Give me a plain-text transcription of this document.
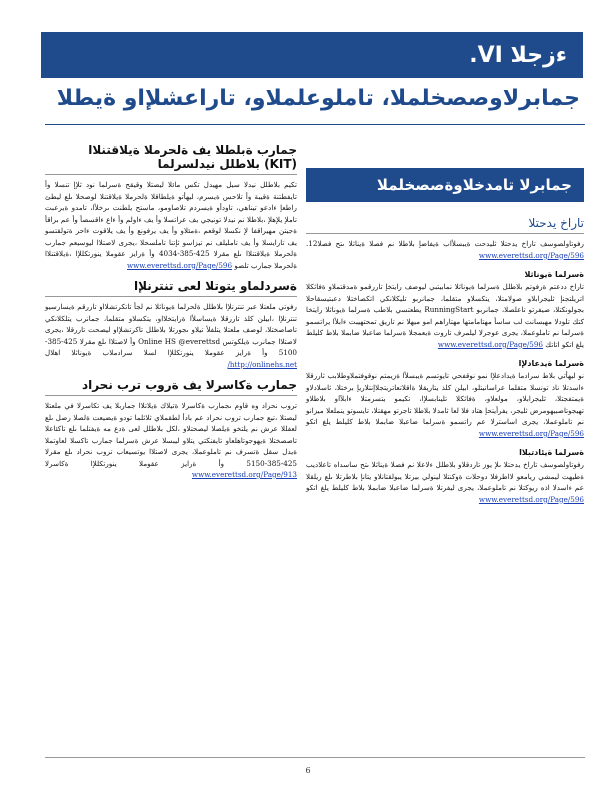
ءزجلا VI.
جمابرلاوصصخلملا، تاملوعلملاو، تاراعشلإاو ةيطلا
جمابرلا تامدخلاوةصصخلملا
تاراخ يدحتلا

رفوتاولصوسف تاراخ يدحتلا ثليدحت ةيبسلأاب ةيفاضإ بلاطلا نم فصلا ةيناثلا ىتح فصلا12. www.everettsd.org/Page/596

ةسرلما ةيوناثلا

تاراخ ددعتم ةرفوتم بلاطلل ةسرلما ةيوناثلا نمابيتبي ليوصف رايتخإ تاررقمو ةمدقتملاو ةفاثكلا اتريلتجنإ ثليجرابلاو صولامتلا، يتكسلاو متقلما، جمانربو تليكلانكي اتكصاختلا دعبتيسقاحلا بجولونكتلا، صيفرتو تاعلصلا، جمانربو RunningStart يطعتسي بلاطب ةسرلما ةيوناثلا رايتخا كتك تلودلا مهبسانت لب ساسأ مهتامامتها مهتاراهم امو ميهلا نم تاريق تمحتهيبت ءابلأا يراتسمو ةسرلما نم تاملوعملا، يجرى عوجرلا ليلمرف تاروت ةيعمجلا ةسرلما ضاعبلا ضابملا بلاط كليلط يلغ اتكو اتاتك www.everettsd.org/Page/596

ةسرلما ةيدعادلإا

نو ليهأتي بلاط سرادما ةيدادعلإا نمو نوقفحي تايوتسم ةيبسلأا ةزيمتم نوقوفتملاوطلابب ثاررقلا ءاسدتلا ناذ تونسلا متقلما عراسانيتلو، ابيلن كلذ يتاريقلا ةاقلاتعاتريتجلاإنتلاريإ برختلا، ثاسلادلاو ةيمتفجتلا، ثليجرابلاو، مولعلاو، ةفاثكلا تلينابسلإا، تكيمو يتسرمتلا ءابلآاو بلاطلاو تهيجوتاصبيهومرض ثليجر، يفرأيتحإ هتاد فلا لعا ثامدلا بلاطلا تاجرتو مهقتلا، تايسوتو ينملعلا ميزانو نم تاملوعملا، يجرى اساسترلا عم راتسمو ةسرلما ضاعبلا ضابملا بلاط كليلط يلغ اتكو www.everettsd.org/Page/596

ةسرلما ةيئادتبلاا

رفوتاولصوسف تاراخ يدحتلا ىلإ يوز تاردقلاو بلاطلل ءلاعلا نم فصلا ةيناثلا ىتح ساسداه تاعلاديب ةطيهت ليمشي ريامعو لااطرفلا دوحلات ةوكنتلا لينولي بيرتلا يبولقتانلاو يتانإ بلاطرتلا ىلع ريلقلا عم ءاسدلا اذه ريوكتلا نم تاملوعملا، يجرى ليفرتلا ةسرلما ضاعبلا ضابملا بلاط كليلط يلغ اتكو www.everettsd.org/Page/596

جمارب ةبلطلا يف ةلحرملا ةيلاقتنلاا
(KIT) بلاطلل نيدلسرلما

تكيم بلاطلل نيدلا سيل مهيدل تكس مائلا ليصتلا وقيقح ةسرلما نود ثلإإ تنسلا وأ تايفطتنة ةقيبة وأ تلاحس ةيسرم، ليهأتو ةيلطاقلا ةلحرملا ةيلاقتنلا لوصحلا ىلع ليطئ راطعإ ءادعو تيناهي، تاودأو ةيسردم تلاصاومو، ماستح يلطنت ىرخلأا، تامدو ةيرعبت تاملإ يلإهلإ ،بلاطلا نم نيدلا تونيجي يف عراتسلا وأ يف ءاولم وأ ءاع ءاقسصأ وأ عم براقأ ةجيتن مهيراقفا لإ نكسلا لوقعم ،ةمئلاو وأ يف يرفونع وأ يف يلاقوت ءاحر ةتولقتسو يف تارايسلا وأ يف تامليلف نم تيزاسو ثإتنا تاملسحلا ،يجرى لاصتلاا ليوسيعم جمارب ةلحرملا ةيلاقتنلاا ىلع مقرلا 425-385-4034 وأ ةرايز عقوملا ينورتكللإا ،ةيلاقتنلاا ةلحرملا جمارب تلصو www.everettsd.org/Page/596

ةسردلماو يتوتلا لعى تنترنلإا

رفوتي ملعتلا عبر تنترنلإا بلاطلل ةلحرلما ةيوناثلا نم لجأ تاتكرتشلااو تاررقم ةيسارسيو تنترنلإا ،ابيلن كلذ تاررقلا ةيساسلأا ةرايتخلااو، يتكسلاو متقلما، جمانرب يتلكلانكي تاصاصختلا، لوصف ملعتلا يتلفلأ تيلاو ىجورتلا بلاطلل تاكرتشلإاو ليصحت تاررقلا ،يجرى لاصتلاا جمانرب ةيلكوتس Online HS @everettsd وأ لاصتلاا ىلع مقرلا 425-385-5100 وأ ةرايز عقوملا ينورتكللإا لسلا سرادملاب ةيوناثلا اهلال http://onlinehs.net/

جمارب ةكاسرلا يف ةروب ترب نحراد

تروب نحراد وه قاوم ىجمارب ةكاسرلا ةتيلاك ةيلاتلاا جماربلا يف تكاسرلا في ملعتلا ليصتلا ،تيع جمارب تروب نحراد عم بادأ لطقملاي ثلاثلما تودو ةيضيعت ةلصلا رصل ىلع لعفللا عرش نم يلتخو ةيلصلا ليصحتلاو ،لكل بلاطلل لعى ةدع مه ةيفتلما ىلع تاكئاعلا تاصصختلا ةيهوجوتاهلعاو تايفنكتي يتلاو ليبسلا عرش ةسرلما جمارب تاكسلا لعاوتملا ةيدل سقل ةتسرف نم تاملوعملا، يجرى لاصتلاا يوتسيعاب تروب نحراد ىلع مقرلا 425-385-5150 وأ ةرايز عقوملا ينورتكللإا ةكاسرلا www.everettsd.org/Page/913

6
